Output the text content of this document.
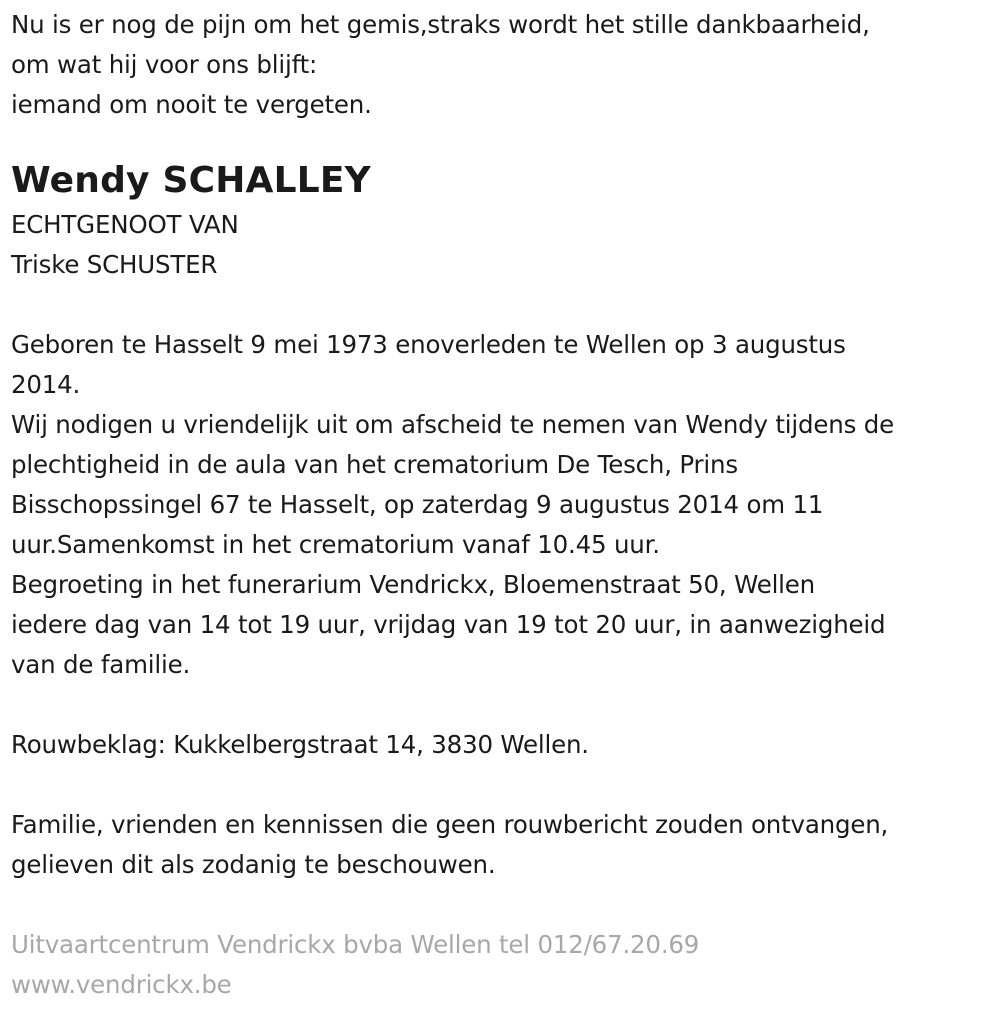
Nu is er nog de pijn om het gemis,straks wordt het stille dankbaarheid,
om wat hij voor ons blijft:
iemand om nooit te vergeten.
Wendy SCHALLEY
ECHTGENOOT VAN
Triske SCHUSTER
Geboren te Hasselt 9 mei 1973 enoverleden te Wellen op 3 augustus
2014.
Wij nodigen u vriendelijk uit om afscheid te nemen van Wendy tijdens de
plechtigheid in de aula van het crematorium De Tesch, Prins
Bisschopssingel 67 te Hasselt, op zaterdag 9 augustus 2014 om 11
uur.Samenkomst in het crematorium vanaf 10.45 uur.
Begroeting in het funerarium Vendrickx, Bloemenstraat 50, Wellen
iedere dag van 14 tot 19 uur, vrijdag van 19 tot 20 uur, in aanwezigheid
van de familie.
Rouwbeklag: Kukkelbergstraat 14, 3830 Wellen.
Familie, vrienden en kennissen die geen rouwbericht zouden ontvangen,
gelieven dit als zodanig te beschouwen.
Uitvaartcentrum Vendrickx bvba Wellen tel 012/67.20.69
www.vendrickx.be
